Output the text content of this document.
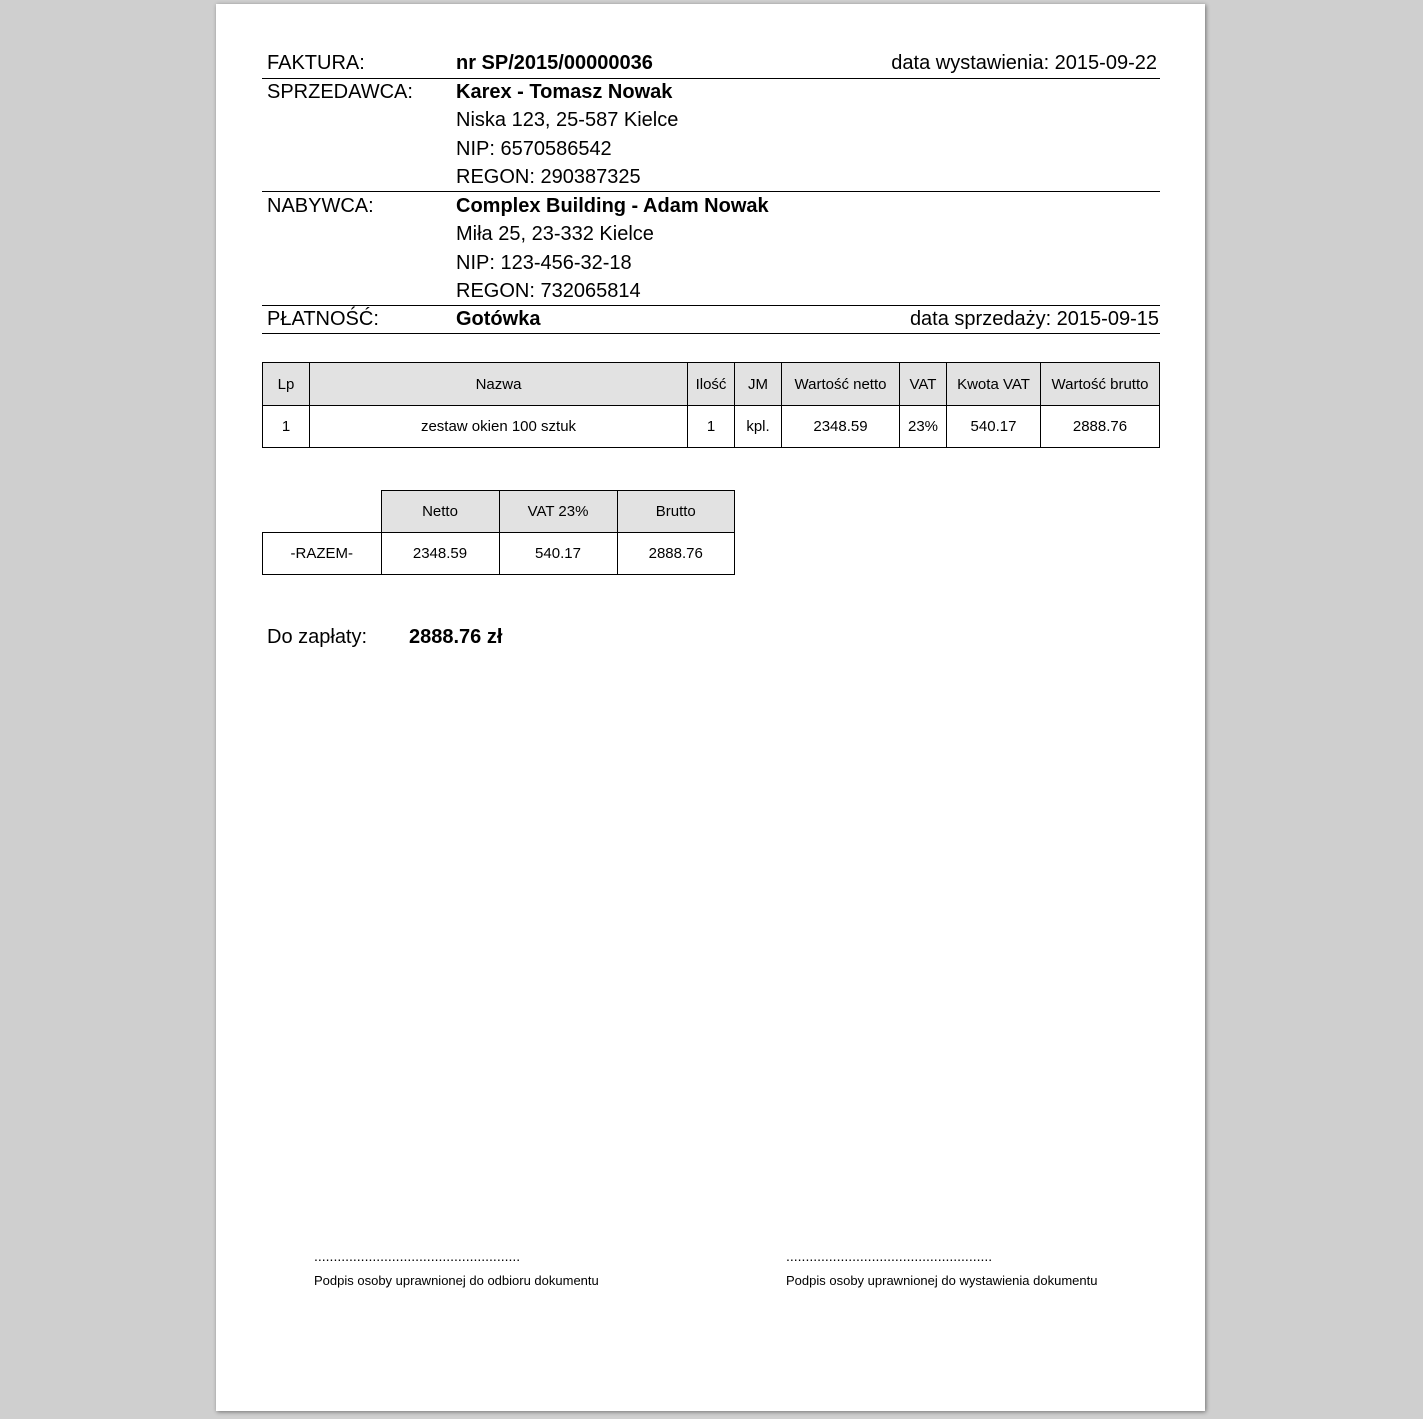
FAKTURA:	nr SP/2015/00000036	data wystawienia: 2015-09-22
SPRZEDAWCA: Karex - Tomasz Nowak
Niska 123, 25-587 Kielce
NIP: 6570586542
REGON: 290387325
NABYWCA:	Complex Building - Adam Nowak
Miła 25, 23-332 Kielce
NIP: 123-456-32-18
REGON: 732065814
PŁATNOŚĆ:	Gotówka	data sprzedaży: 2015-09-15
Lp	Nazwa	Ilość	JM	Wartość netto	VAT	Kwota VAT	Wartość brutto
1	zestaw okien 100 sztuk	1	kpl.	2348.59	23%	540.17	2888.76
	Netto	VAT 23%	Brutto
-RAZEM-	2348.59	540.17	2888.76
Do zapłaty: 2888.76 zł
.....................................................
Podpis osoby uprawnionej do odbioru dokumentu
.....................................................
Podpis osoby uprawnionej do wystawienia dokumentu
